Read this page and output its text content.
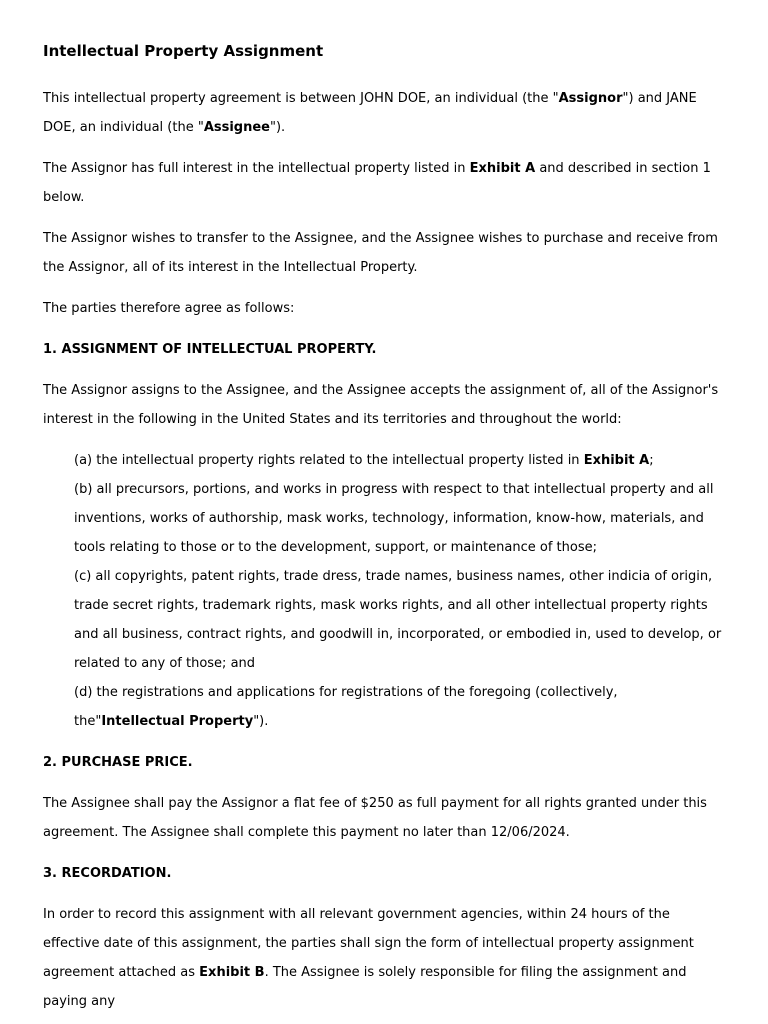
Intellectual Property Assignment

This intellectual property agreement is between JOHN DOE, an individual (the "Assignor") and JANE DOE, an individual (the "Assignee").

The Assignor has full interest in the intellectual property listed in Exhibit A and described in section 1 below.

The Assignor wishes to transfer to the Assignee, and the Assignee wishes to purchase and receive from the Assignor, all of its interest in the Intellectual Property.

The parties therefore agree as follows:

1. ASSIGNMENT OF INTELLECTUAL PROPERTY.

The Assignor assigns to the Assignee, and the Assignee accepts the assignment of, all of the Assignor's interest in the following in the United States and its territories and throughout the world:

(a) the intellectual property rights related to the intellectual property listed in Exhibit A;
(b) all precursors, portions, and works in progress with respect to that intellectual property and all inventions, works of authorship, mask works, technology, information, know-how, materials, and tools relating to those or to the development, support, or maintenance of those;
(c) all copyrights, patent rights, trade dress, trade names, business names, other indicia of origin, trade secret rights, trademark rights, mask works rights, and all other intellectual property rights and all business, contract rights, and goodwill in, incorporated, or embodied in, used to develop, or related to any of those; and
(d) the registrations and applications for registrations of the foregoing (collectively, the"Intellectual Property").

2. PURCHASE PRICE.

The Assignee shall pay the Assignor a flat fee of $250 as full payment for all rights granted under this agreement. The Assignee shall complete this payment no later than 12/06/2024.

3. RECORDATION.

In order to record this assignment with all relevant government agencies, within 24 hours of the effective date of this assignment, the parties shall sign the form of intellectual property assignment agreement attached as Exhibit B. The Assignee is solely responsible for filing the assignment and paying any
